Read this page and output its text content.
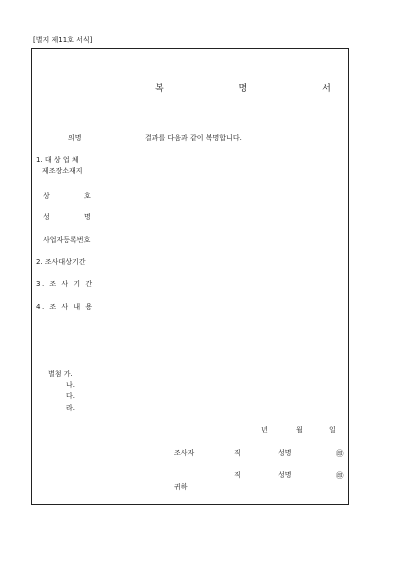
[별지 제11호 서식]
복 명 서
의명	결과를 다음과 같이 복명합니다.
1. 대 상 업 체
제조장소재지
상 호
성 명
사업자등록번호
2. 조사대상기간
3. 조 사 기 간
4. 조 사 내 용
별첨 가.
나.
다.
라.
년	월	일
조사자	직	성명	㊞
직	성명	㊞
귀하
